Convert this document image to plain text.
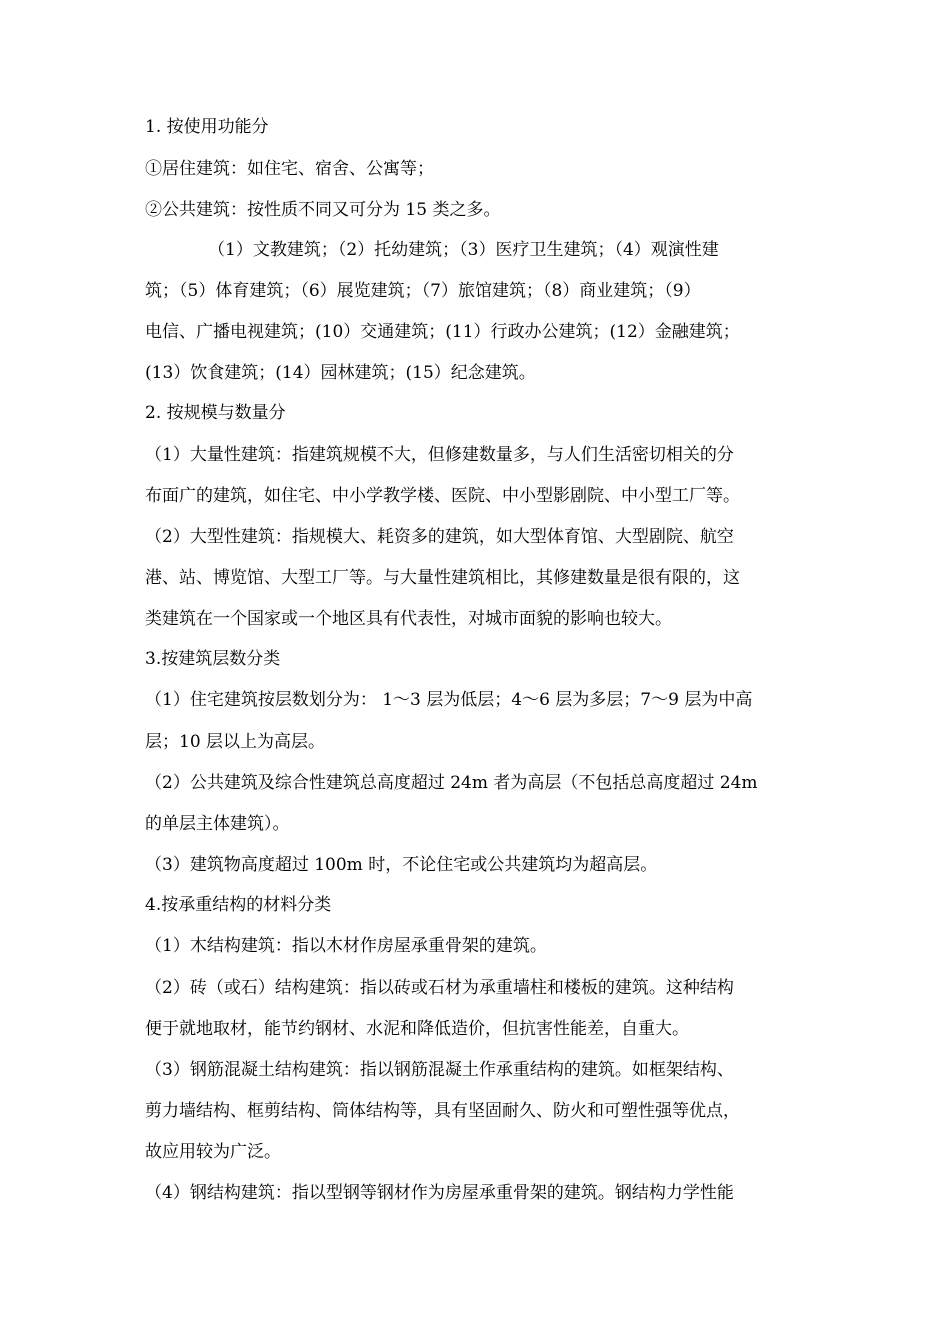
1. 按使用功能分
①居住建筑：如住宅、宿舍、公寓等；
②公共建筑：按性质不同又可分为 15 类之多。
（1）文教建筑；（2）托幼建筑；（3）医疗卫生建筑；（4）观演性建
筑；（5）体育建筑；（6）展览建筑；（7）旅馆建筑；（8）商业建筑；（9）
电信、广播电视建筑；(10）交通建筑；(11）行政办公建筑；(12）金融建筑；
(13）饮食建筑；(14）园林建筑；(15）纪念建筑。
2. 按规模与数量分
（1）大量性建筑：指建筑规模不大，但修建数量多，与人们生活密切相关的分
布面广的建筑，如住宅、中小学教学楼、医院、中小型影剧院、中小型工厂等。
（2）大型性建筑：指规模大、耗资多的建筑，如大型体育馆、大型剧院、航空
港、站、博览馆、大型工厂等。与大量性建筑相比，其修建数量是很有限的，这
类建筑在一个国家或一个地区具有代表性，对城市面貌的影响也较大。
3.按建筑层数分类
（1）住宅建筑按层数划分为： 1～3 层为低层；4～6 层为多层；7～9 层为中高
层；10 层以上为高层。
（2）公共建筑及综合性建筑总高度超过 24m 者为高层（不包括总高度超过 24m
的单层主体建筑）。
（3）建筑物高度超过 100m 时，不论住宅或公共建筑均为超高层。
4.按承重结构的材料分类
（1）木结构建筑：指以木材作房屋承重骨架的建筑。
（2）砖（或石）结构建筑：指以砖或石材为承重墙柱和楼板的建筑。这种结构
便于就地取材，能节约钢材、水泥和降低造价，但抗害性能差，自重大。
（3）钢筋混凝土结构建筑：指以钢筋混凝土作承重结构的建筑。如框架结构、
剪力墙结构、框剪结构、筒体结构等，具有坚固耐久、防火和可塑性强等优点，
故应用较为广泛。
（4）钢结构建筑：指以型钢等钢材作为房屋承重骨架的建筑。钢结构力学性能
